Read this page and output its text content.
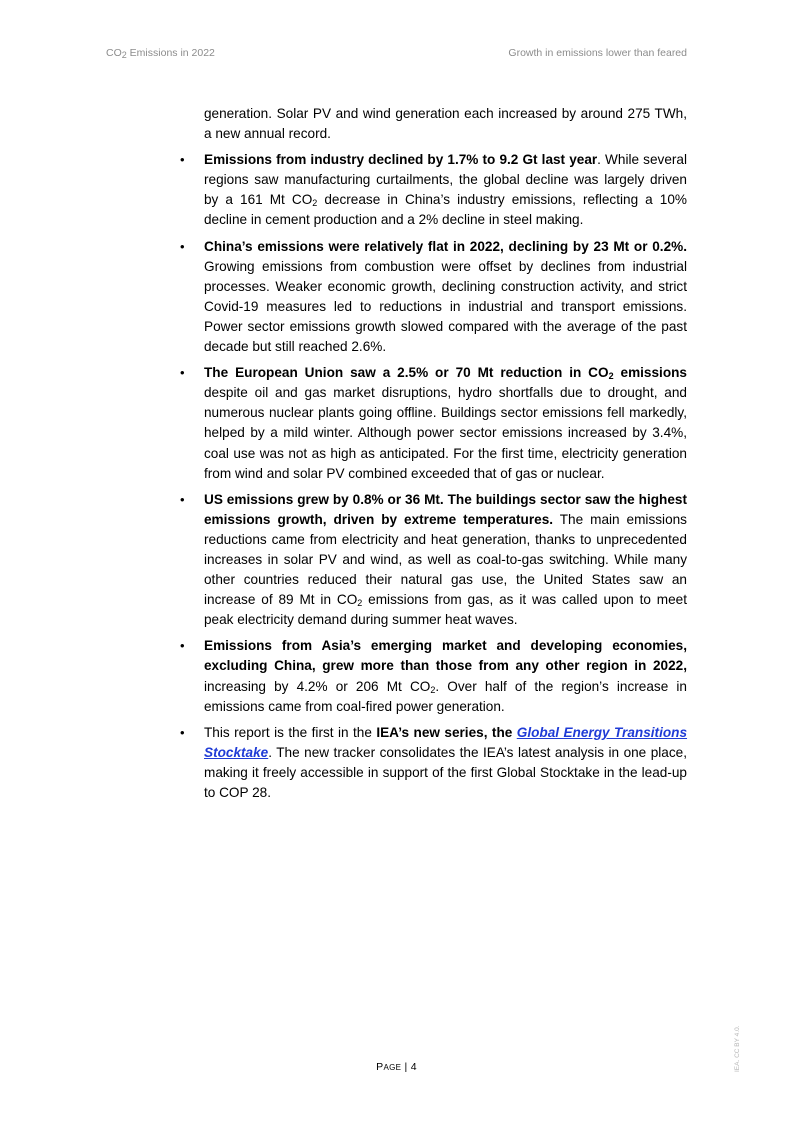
$CO_2$ Emissions in 2022	Growth in emissions lower than feared

generation. Solar PV and wind generation each increased by around 275 TWh, a new annual record.

• Emissions from industry declined by 1.7% to 9.2 Gt last year. While several regions saw manufacturing curtailments, the global decline was largely driven by a 161 Mt $CO_2$ decrease in China’s industry emissions, reflecting a 10% decline in cement production and a 2% decline in steel making.
• China’s emissions were relatively flat in 2022, declining by 23 Mt or 0.2%. Growing emissions from combustion were offset by declines from industrial processes. Weaker economic growth, declining construction activity, and strict Covid-19 measures led to reductions in industrial and transport emissions. Power sector emissions growth slowed compared with the average of the past decade but still reached 2.6%.
• The European Union saw a 2.5% or 70 Mt reduction in $CO_2$ emissions despite oil and gas market disruptions, hydro shortfalls due to drought, and numerous nuclear plants going offline. Buildings sector emissions fell markedly, helped by a mild winter. Although power sector emissions increased by 3.4%, coal use was not as high as anticipated. For the first time, electricity generation from wind and solar PV combined exceeded that of gas or nuclear.
• US emissions grew by 0.8% or 36 Mt. The buildings sector saw the highest emissions growth, driven by extreme temperatures. The main emissions reductions came from electricity and heat generation, thanks to unprecedented increases in solar PV and wind, as well as coal-to-gas switching. While many other countries reduced their natural gas use, the United States saw an increase of 89 Mt in $CO_2$ emissions from gas, as it was called upon to meet peak electricity demand during summer heat waves.
• Emissions from Asia’s emerging market and developing economies, excluding China, grew more than those from any other region in 2022, increasing by 4.2% or 206 Mt $CO_2$. Over half of the region’s increase in emissions came from coal-fired power generation.
• This report is the first in the IEA’s new series, the Global Energy Transitions Stocktake. The new tracker consolidates the IEA’s latest analysis in one place, making it freely accessible in support of the first Global Stocktake in the lead-up to COP 28.
PAGE | 4	IEA. CC BY 4.0.
